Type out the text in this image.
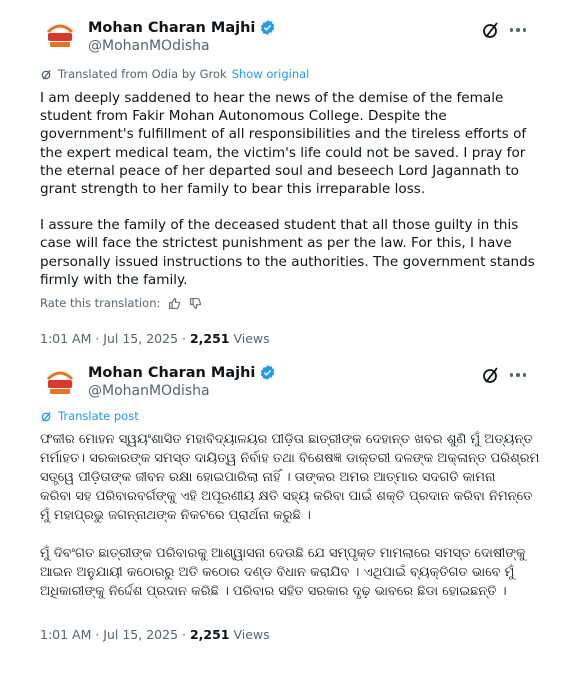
Mohan Charan Majhi
@MohanMOdisha
Translated from Odia by Grok Show original

I am deeply saddened to hear the news of the demise of the female
student from Fakir Mohan Autonomous College. Despite the
government's fulfillment of all responsibilities and the tireless efforts of
the expert medical team, the victim's life could not be saved. I pray for
the eternal peace of her departed soul and beseech Lord Jagannath to
grant strength to her family to bear this irreparable loss.

I assure the family of the deceased student that all those guilty in this
case will face the strictest punishment as per the law. For this, I have
personally issued instructions to the authorities. The government stands
firmly with the family.

Rate this translation:
1:01 AM · Jul 15, 2025 · 2,251 Views
Mohan Charan Majhi
@MohanMOdisha
Translate post

ଫକୀର ମୋହନ ସ୍ୱୟଂଶାସିତ ମହାବିଦ୍ୟାଳୟର ପୀଡ଼ିତା ଛାତ୍ରୀଙ୍କ ଦେହାନ୍ତ ଖବର ଶୁଣି ମୁଁ ଅତ୍ୟନ୍ତ
ମର୍ମାହତ। ସରକାରଙ୍କ ସମସ୍ତ ଦାୟିତ୍ୱ ନିର୍ବାହ ତଥା ବିଶେଷଜ୍ଞ ଡାକ୍ତରୀ ଦଳଙ୍କ ଅକ୍ଳାନ୍ତ ପରିଶ୍ରମ
ସତ୍ତ୍ୱେ ପୀଡ଼ିତାଙ୍କ ଜୀବନ ରକ୍ଷା ହୋଇପାରିଲା ନାହିଁ । ତାଙ୍କର ଅମର ଆତ୍ମାର ସଦଗତି କାମନା
କରିବା ସହ ପରିବାରବର୍ଗଙ୍କୁ ଏହି ଅପୂରଣୀୟ କ୍ଷତି ସହ୍ୟ କରିବା ପାଇଁ ଶକ୍ତି ପ୍ରଦାନ କରିବା ନିମନ୍ତେ
ମୁଁ ମହାପ୍ରଭୁ ଜଗନ୍ନାଥଙ୍କ ନିକଟରେ ପ୍ରାର୍ଥନା କରୁଛି ।

ମୁଁ ଦିବଂଗତ ଛାତ୍ରୀଙ୍କ ପରିବାରକୁ ଆଶ୍ୱାସନା ଦେଉଛି ଯେ ସମ୍ପୃକ୍ତ ମାମଲାରେ ସମସ୍ତ ଦୋଷୀଙ୍କୁ
ଆଇନ ଅନୁଯାୟୀ କଠୋରରୁ ଅତି କଠୋର ଦଣ୍ଡ ବିଧାନ କରାଯିବ । ଏଥିପାଇଁ ବ୍ୟକ୍ତିଗତ ଭାବେ ମୁଁ
ଅଧିକାରୀଙ୍କୁ ନିର୍ଦ୍ଦେଶ ପ୍ରଦାନ କରିଛି । ପରିବାର ସହିତ ସରକାର ଦୃଢ଼ ଭାବରେ ଛିଡା ହୋଇଛନ୍ତି ।

1:01 AM · Jul 15, 2025 · 2,251 Views
